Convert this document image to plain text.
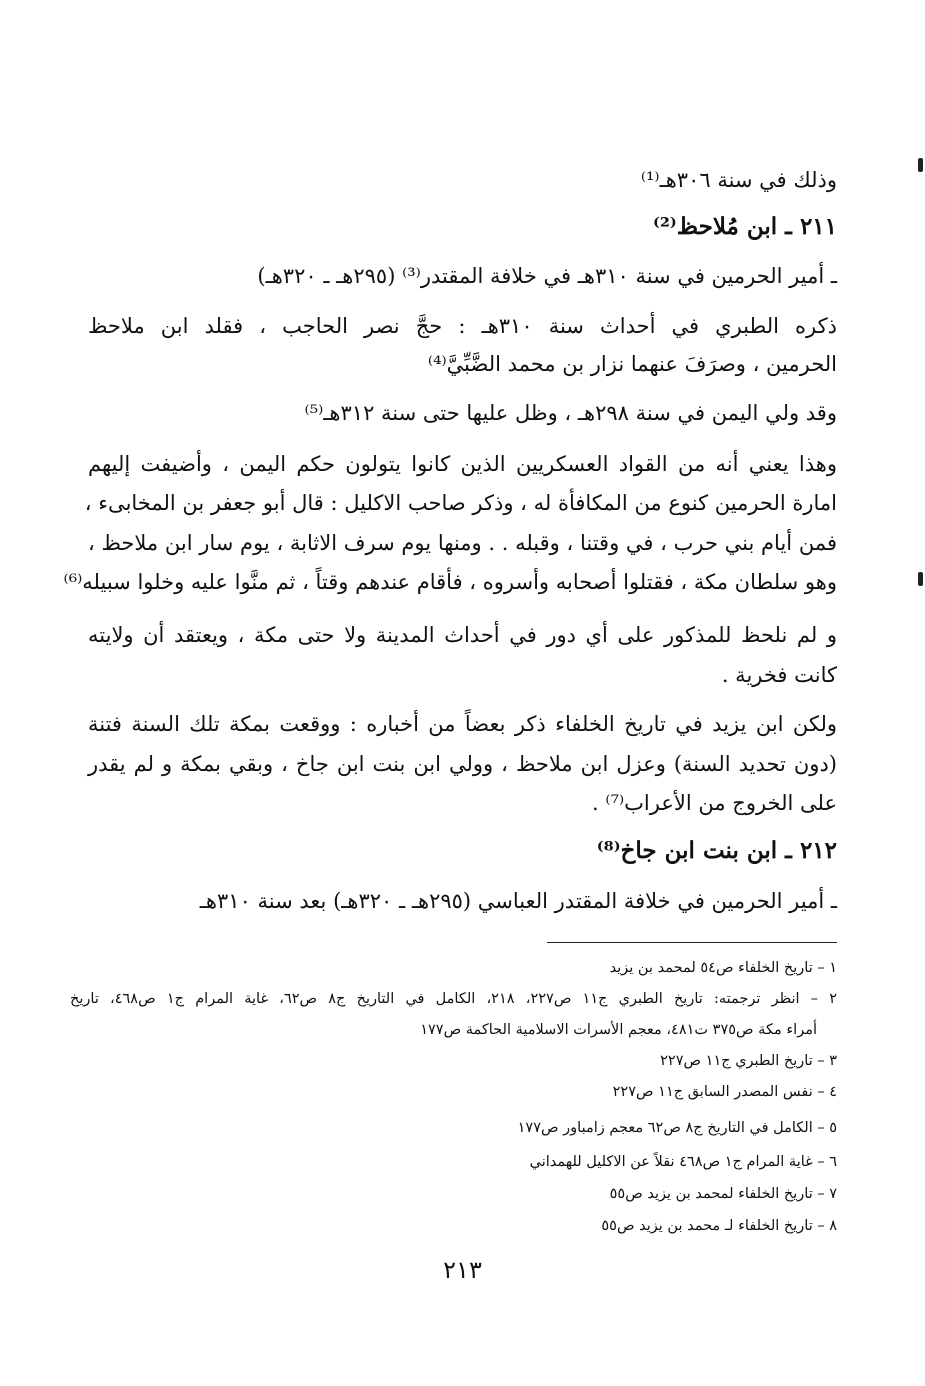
وذلك في سنة ٣٠٦هـ⁽¹⁾
٢١١ ـ ابن مُلاحظ⁽²⁾
ـ أمير الحرمين في سنة ٣١٠هـ في خلافة المقتدر⁽³⁾ (٢٩٥هـ ـ ٣٢٠هـ)
ذكره الطبري في أحداث سنة ٣١٠هـ : حجَّ نصر الحاجب ، فقلد ابن ملاحظ
الحرمين ، وصرَفَ عنهما نزار بن محمد الضَّبِّيَّ⁽⁴⁾
وقد ولي اليمن في سنة ٢٩٨هـ ، وظل عليها حتى سنة ٣١٢هـ⁽⁵⁾
وهذا يعني أنه من القواد العسكريين الذين كانوا يتولون حكم اليمن ، وأضيفت إليهم
امارة الحرمين كنوع من المكافأة له ، وذكر صاحب الاكليل : قال أبو جعفر بن المخابىء ،
فمن أيام بني حرب ، في وقتنا ، وقبله . . ومنها يوم سرف الاثابة ، يوم سار ابن ملاحظ ،
وهو سلطان مكة ، فقتلوا أصحابه وأسروه ، فأقام عندهم وقتاً ، ثم منَّوا عليه وخلوا سبيله⁽⁶⁾
و لم نلحظ للمذكور على أي دور في أحداث المدينة ولا حتى مكة ، ويعتقد أن ولايته
كانت فخرية .
ولكن ابن يزيد في تاريخ الخلفاء ذكر بعضاً من أخباره : ووقعت بمكة تلك السنة فتنة
(دون تحديد السنة) وعزل ابن ملاحظ ، وولي ابن بنت ابن جاخ ، وبقي بمكة و لم يقدر
على الخروج من الأعراب⁽⁷⁾ .
٢١٢ ـ ابن بنت ابن جاخ⁽⁸⁾
ـ أمير الحرمين في خلافة المقتدر العباسي (٢٩٥هـ ـ ٣٢٠هـ) بعد سنة ٣١٠هـ
١ – تاريخ الخلفاء ص٥٤ لمحمد بن يزيد
٢ – انظر ترجمته: تاريخ الطبري ج١١ ص٢٢٧، ٢١٨، الكامل في التاريخ ج٨ ص٦٢، غاية المرام ج١ ص٤٦٨، تاريخ
أمراء مكة ص٣٧٥ ت٤٨١، معجم الأسرات الاسلامية الحاكمة ص١٧٧
٣ – تاريخ الطبري ج١١ ص٢٢٧
٤ – نفس المصدر السابق ج١١ ص٢٢٧
٥ – الكامل في التاريخ ج٨ ص٦٢ معجم زامباور ص١٧٧
٦ – غاية المرام ج١ ص٤٦٨ نقلاً عن الاكليل للهمداني
٧ – تاريخ الخلفاء لمحمد بن يزيد ص٥٥
٨ – تاريخ الخلفاء لـ محمد بن يزيد ص٥٥
٢١٣
